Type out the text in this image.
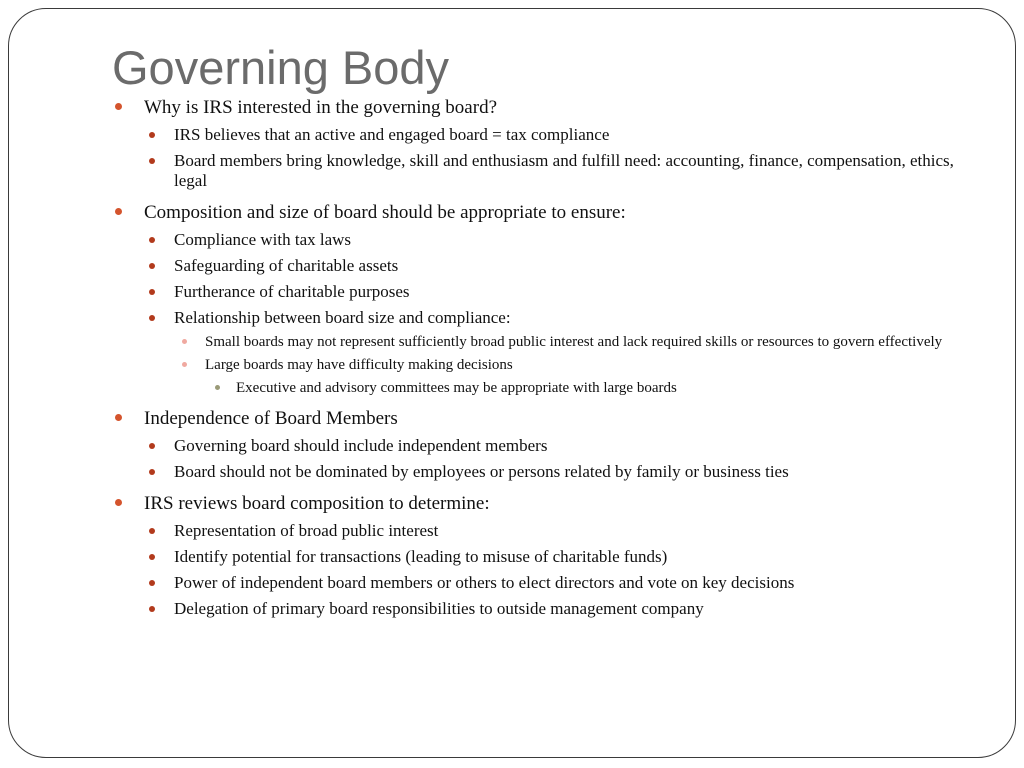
Governing Body
Why is IRS interested in the governing board?
IRS believes that an active and engaged board = tax compliance
Board members bring knowledge, skill and enthusiasm and fulfill need: accounting, finance, compensation, ethics, legal
Composition and size of board should be appropriate to ensure:
Compliance with tax laws
Safeguarding of charitable assets
Furtherance of charitable purposes
Relationship between board size and compliance:
Small boards may not represent sufficiently broad public interest and lack required skills or resources to govern effectively
Large boards may have difficulty making decisions
Executive and advisory committees may be appropriate with large boards
Independence of Board Members
Governing board should include independent members
Board should not be dominated by employees or persons related by family or business ties
IRS reviews board composition to determine:
Representation of broad public interest
Identify potential for transactions (leading to misuse of charitable funds)
Power of independent board members or others to elect directors and vote on key decisions
Delegation of primary board responsibilities to outside management company
